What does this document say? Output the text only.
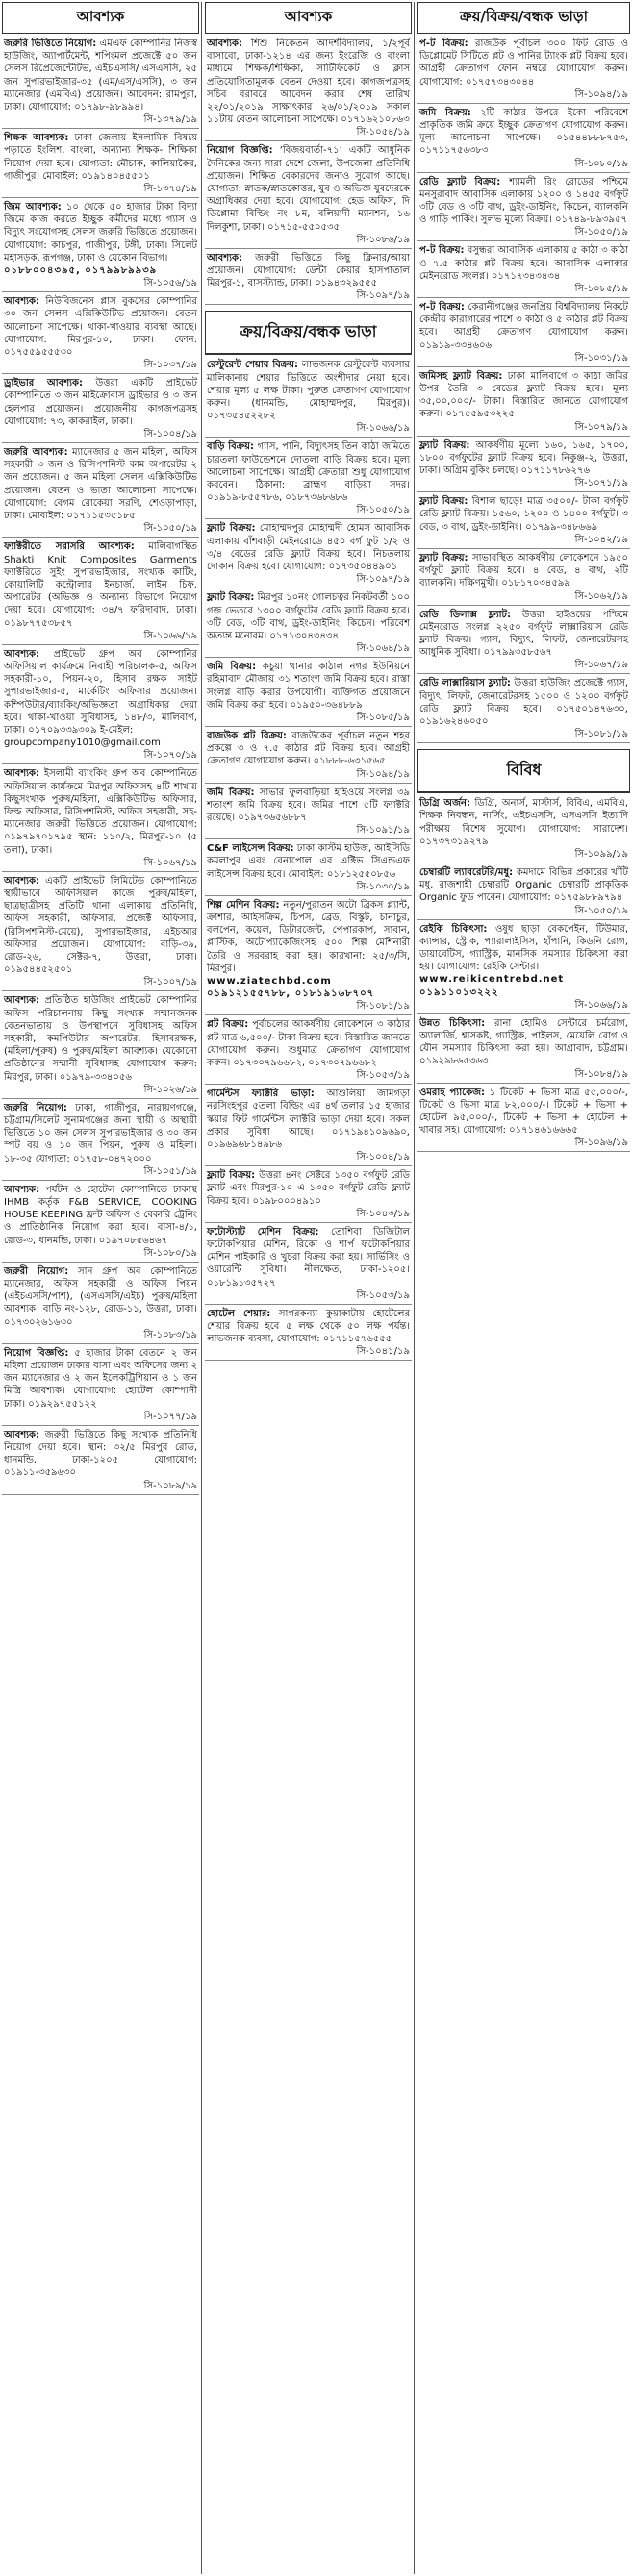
আবশ্যক
জরুরি ভিত্তিতে নিয়োগ: এমএফ কোম্পানির নিজস্ব হাউজিং, অ্যাপার্টমেন্ট, শপিংমল প্রজেক্টে ৫০ জন সেলস রিপ্রেজেন্টেটিভ, এইচএসসি/ এসএসসি, ২৫ জন সুপারভাইজার-৩৫ (এম/এস/এসসি), ৩ জন ম্যানেজার (এমবিএ) প্রয়োজন। আবেদন: রামপুরা, ঢাকা। যোগাযোগ: ০১৭৯৮-৯৮৯৯৪।
সি-১৩৭৯/১৯
শিক্ষক আবশ্যক: ঢাকা জেলায় ইসলামিক বিষয়ে পড়াতে ইংলিশ, বাংলা, অন্যান্য শিক্ষক- শিক্ষিকা নিয়োগ দেয়া হবে। যোগ্যতা: মৌচাক, কালিয়াকৈর, গাজীপুর। মোবাইল: ০১৯১৪০৪৫৫০১
সি-১৩৭৪/১৯
জিম আবশ্যক: ১০ থেকে ৫০ হাজার টাকা বিদ্যা জিমে কাজ করতে ইচ্ছুক কর্মীদের মধ্যে গ্যাস ও বিদ্যুৎ সংযোগসহ সেলস জরুরি ভিত্তিতে প্রয়োজন। যোগাযোগ: কাচপুর, গাজীপুর, টঙ্গী, ঢাকা। সিলেট মহাসড়ক, রূপগঞ্জ, ঢাকা ও যেকোন বিভাগ।
০১৮৮০০৪৩৯৫, ০১৭৯৯৮৯৯৩৯
সি-১০৫৬/১৯
আবশ্যক: নিউবিজনেস প্লাস বুকসের কোম্পানির ৩০ জন সেলস এক্সিকিউটিভ প্রয়োজন। বেতন আলোচনা সাপেক্ষে। থাকা-খাওয়ার ব্যবস্থা আছে। যোগাযোগ: মিরপুর-১০, ঢাকা। ফোন: ০১৭৫৫৯৫৫৫৩০
সি-১০৩৭/১৯
ড্রাইভার আবশ্যক: উত্তরা একটি প্রাইভেট কোম্পানিতে ৩ জন মাইক্রোবাস ড্রাইভার ও ৩ জন হেলপার প্রয়োজন। প্রয়োজনীয় কাগজপত্রসহ যোগাযোগ: ৭৩, কাকরাইল, ঢাকা।
সি-১০০৪/১৯
জরুরি আবশ্যক: ম্যানেজার ৫ জন মহিলা, অফিস সহকারী ৩ জন ও রিসিপশনিস্ট কাম অপারেটর ২ জন প্রয়োজন। ৫ জন মহিলা সেলস এক্সিকিউটিভ প্রয়োজন। বেতন ও ভাতা আলোচনা সাপেক্ষে। যোগাযোগ: বেগম রোকেয়া সরণি, শেওড়াপাড়া, ঢাকা। মোবাইল: ০১৭১১৫৩৫১৮৫
সি-১০৫০/১৯
ফ্যাক্টরীতে সরাসরি আবশ্যক: মালিবাগস্থিত Shakti Knit Composites Garments ফ্যাক্টরিতে সুইং সুপারভাইজার, সংখ্যক কাটিং, কোয়ালিটি কন্ট্রোলার ইনচার্জ, লাইন চিফ, অপারেটর (অভিজ্ঞ ও অন্যান্য বিভাগে নিয়োগ দেয়া হবে। যোগাযোগ: ৩৪/৭ ফরিদাবাদ, ঢাকা। ০১৯৮৭৭৫৩৮৫৭
সি-১০৬৬/১৯
আবশ্যক: প্রাইভেট গ্রুপ অব কোম্পানির অফিসিয়াল কার্যক্রমে নিবাহী পরিচালক-৫, অফিস সহকারী-১০, পিয়ন-২০, হিসাব রক্ষক সাইট সুপারভাইজার-৫, মার্কেটিং অফিসার প্রয়োজন। কম্পিউটার/ব্যাংকিং/অভিজ্ঞতা অগ্রাধিকার দেয়া হবে। থাকা-খাওয়া সুবিধাসহ, ১৪৮/৩, মালিবাগ, ঢাকা। ০১৭০৯৩৩৯৩০৯ ই-মেইল:
groupcompany1010@gmail.com
সি-১০৭০/১৯
আবশ্যক: ইসলামী ব্যাংকিং গ্রুপ অব কোম্পানিতে অফিসিয়াল কার্যক্রমে মিরপুর অফিসসহ ৪টি শাখায় কিছুসংখ্যক পুরুষ/মহিলা, এক্সিকিউটিভ অফিসার, ফিল্ড অফিসার, রিসিপশনিস্ট, অফিস সহকারী, সহ-ম্যানেজার জরুরী ভিত্তিতে প্রয়োজন। যোগাযোগ: ০১৯৭৯৭০১৭৯৫ স্থান: ১১০/২, মিরপুর-১০ (৫ তলা), ঢাকা।
সি-১০৬৭/১৯
আবশ্যক: একটি প্রাইভেট লিমিটেড কোম্পানিতে স্থায়ীভাবে অফিসিয়াল কাজে পুরুষ/মহিলা, ছাত্রছাত্রীসহ প্রতিটি থানা এলাকায় প্রতিনিধি, অফিস সহকারী, অফিসার, প্রজেক্ট অফিসার, (রিসিপশনিস্ট-মেয়ে), সুপারভাইজার, এইচআর অফিসার প্রয়োজন। যোগাযোগ: বাড়ি-৩৯, রোড-২৬, সেক্টর-৭, উত্তরা, ঢাকা। ০১৯৫৪৪৫২৫০১
সি-১০০৭/১৯
আবশ্যক: প্রতিষ্ঠিত হাউজিং প্রাইভেট কোম্পানির অফিস পরিচালনায় কিছু সংখ্যক সম্মানজনক বেতনভাতায় ও উপস্থাপনে সুবিধাসহ অফিস সহকারী, কমপিউটার অপারেটর, হিসাবরক্ষক, (মহিলা/পুরুষ) ও পুরুষ/মহিলা আবশ্যক। যেকোনো প্রতিষ্ঠানের সম্মানী সুবিধাসহ যোগাযোগ করুন: মিরপুর, ঢাকা। ০১৯৭৯-৩৩৪০৫৬
সি-১০২৬/১৯
জরুরি নিয়োগ: ঢাকা, গাজীপুর, নারায়ণগঞ্জে, চট্টগ্রাম/সিলেট সুনামগঞ্জের জন্য স্থায়ী ও অস্থায়ী ভিত্তিতে ১০ জন সেলস সুপারভাইজার ও ৩০ জন স্পট বয় ও ১০ জন পিয়ন, পুরুষ ও মহিলা। ১৮-৩৫ যোগ্যতা: ০১৭৫৮-০৪৭২০০০
সি-১০৫১/১৯
আবশ্যক: পর্যটন ও হোটেল কোম্পানিতে ঢাকাস্থ IHMB কর্তৃক F&B SERVICE, COOKING HOUSE KEEPING ফ্রন্ট অফিস ও বেকারি ট্রেনিং ও প্রাতিষ্ঠানিক নিয়োগ করা হবে। বাসা-৪/১, রোড-৩, ধানমন্ডি, ঢাকা। ০১৯৭০৮৫৬৪৬৭
সি-১০৮০/১৯
জরুরী নিয়োগ: সান গ্রুপ অব কোম্পানিতে ম্যানেজার, অফিস সহকারী ও অফিস পিয়ন (এইচএসসি/পাশ), (এসএসসি/এইচ) পুরুষ/মহিলা আবশ্যক। বাড়ি নং-১২৮, রোড-১১, উত্তরা, ঢাকা। ০১৭৩০২৬১৬৩০
সি-১০৮৩/১৯
নিয়োগ বিজ্ঞপ্তি: ৫ হাজার টাকা বেতনে ২ জন মহিলা প্রয়োজন ঢাকার বাসা এবং অফিসের জন্য ২ জন ম্যানেজার ও ২ জন ইলেকট্রিশিয়ান ও ১ জন মিস্ত্রি আবশ্যক। যোগাযোগ: হোটেল কোম্পানী ঢাকা। ০১৯২৯৭৫৫১২২
সি-১০৭৭/১৯
আবশ্যক: জরুরী ভিত্তিতে কিছু সংখ্যক প্রতিনিধি নিয়োগ দেয়া হবে। স্থান: ৩২/৫ মিরপুর রোড, ধানমন্ডি, ঢাকা-১২০৫ যোগাযোগ: ০১৯১১-৩৫৯৬৩০
সি-১০৮৯/১৯
আবশ্যক
আবশ্যক: শিশু নিকেতন আদর্শবিদ্যালয়, ১/২পূর্ব বাসাবো, ঢাকা-১২১৪ এর জন্য ইংরেজি ও বাংলা মাধ্যমে শিক্ষক/শিক্ষিকা, সার্টিফিকেট ও ক্লাস প্রতিযোগিতামূলক বেতন দেওয়া হবে। কাগজপত্রসহ সচিব বরাবরে আবেদন করার শেষ তারিখ ২২/০১/২০১৯ সাক্ষাৎকার ২৬/০১/২০১৯ সকাল ১১টায় বেতন আলোচনা সাপেক্ষে। ০১৭১৬২১০৮৬৩
সি-১০৫৪/১৯
নিয়োগ বিজ্ঞপ্তি: ‘বিজয়বার্তা-৭১’ একটি আধুনিক দৈনিকের জন্য সারা দেশে জেলা, উপজেলা প্রতিনিধি প্রয়োজন। শিক্ষিত বেকারদের জন্যও সুযোগ আছে। যোগ্যতা: স্নাতক/স্নাতকোত্তর, যুব ও অভিজ্ঞ যুবদেরকে অগ্রাধিকার দেয়া হবে। যোগাযোগ: হেড অফিস, দি ডিপ্লোমা বিল্ডিং নং ৮ম, বলিয়াদী ম্যানশন, ১৬ দিলকুশা, ঢাকা। ০১৭১৫-৫৫০৫৩৫
সি-১০৮৬/১৯
আবশ্যক: জরুরী ভিত্তিতে কিছু ক্লিনার/আয়া প্রয়োজন। যোগাযোগ: ডেন্টা কেয়ার হাসপাতাল মিরপুর-১, বাসস্ট্যান্ড, ঢাকা। ০১৯৪৩২৯৫৫৫
সি-১০৯৭/১৯
ক্রয়/বিক্রয়/বন্ধক ভাড়া
রেস্টুরেন্ট শেয়ার বিক্রয়: লাভজনক রেস্টুরেন্ট ব্যবসার মালিকানায় শেয়ার ভিত্তিতে অংশীদার নেয়া হবে। শেয়ার মূল্য ৫ লক্ষ টাকা। পুরুত ক্রেতাগণ যোগাযোগ করুন। (ধানমন্ডি, মোহাম্মদপুর, মিরপুর)। ০১৭৩৫৪৫২২৮২
সি-১০৬৬/১৯
বাড়ি বিক্রয়: গ্যাস, পানি, বিদ্যুৎসহ তিন কাঠা জমিতে চারতলা ফাউন্ডেশনে দোতলা বাড়ি বিক্রয় হবে। মূল্য আলোচনা সাপেক্ষে। আগ্রহী ক্রেতারা শুধু যোগাযোগ করবেন। ঠিকানা: ব্রাহ্মণ বাড়িয়া সদর। ০১৯১৯-৮৫৫৭৮৬, ০১৮৭৩৬৮৬৮৬
সি-১০৫০/১৯
ফ্ল্যাট বিক্রয়: মোহাম্মদপুর মোহাম্মদী হোমস আবাসিক এলাকায় বাঁশবাড়ী মেইনরোডে ৪৫০ বর্গ ফুট ১/২ ও ৩/৪ বেডের রেডি ফ্ল্যাট বিক্রয় হবে। নিচতলায় দোকান বিক্রয় হবে। যোগাযোগ: ০১৭৩৫০৪৪৯০১
সি-১০৯৭/১৯
ফ্ল্যাট বিক্রয়: মিরপুর ১০নং গোলচত্বর নিকটবর্তী ১০০ গজ ভেতরে ১৩০০ বর্গফুটের রেডি ফ্ল্যাট বিক্রয় হবে। ৩টি বেড, ৩টি বাথ, ড্রইং-ডাইনিং, কিচেন। পরিবেশ অত্যন্ত মনোরম। ০১৭১৩০৪৩৪৩৪
সি-১০৬৪/১৯
জমি বিক্রয়: কচুয়া থানার কাঠাল নগর ইউনিয়নে রহিমাবাদ মৌজায় ৩১ শতাংশ জমি বিক্রয় হবে। রাস্তা সংলগ্ন বাড়ি করার উপযোগী। ব্যক্তিগত প্রয়োজনে জমি বিক্রয় করা হবে। ০১৯৫০-৩৬৪৮৮৯
সি-১০৮৫/১৯
রাজউক প্লট বিক্রয়: রাজউকের পূর্বাচল নতুন শহর প্রকল্পে ৩ ও ৭.৫ কাঠার প্লট বিক্রয় হবে। আগ্রহী ক্রেতাগণ যোগাযোগ করুন। ০১৮৮৮-৬৩১৫৬৫
সি-১০৯৪/১৯
জমি বিক্রয়: সাভার ফুলবাড়িয়া হাইওয়ে সংলগ্ন ৩৯ শতাংশ জমি বিক্রয় হবে। জমির পাশে ৫টি ফ্যাক্টরি রয়েছে। ০১৯৭৩৬৫৬৮৮৭
সি-১০৯১/১৯
C&F লাইসেন্স বিক্রয়: ঢাকা কাস্টম হাউজ, আইসিডি কমলাপুর এবং বেনাপোল এর এক্টিভ সিএন্ডএফ লাইসেন্স বিক্রয় হবে। মোবাইল: ০১৮১২৫৫০৮৫৬
সি-১০৩০/১৯
শিল্প মেশিন বিক্রয়: নতুন/পুরাতন অটো ব্রিকস প্ল্যান্ট, ক্রাশার, আইসক্রিম, চিপস, ব্রেড, বিস্কুট, চানাচুর, বলপেন, কয়েল, ডিটারজেন্ট, পেপারকাপ, সাবান, প্লাস্টিক, অটোপ্যাকেজিংসহ ৫০০ শিল্প মেশিনারী তৈরি ও সরবরাহ করা হয়। কারখানা: ২৫/৩/সি, মিরপুর।
www.ziatechbd.com
০১৯১২১৫৫৭৮৮, ০১৮১৯১৬৮৭০৭
সি-১০৮১/১৯
প্লট বিক্রয়: পূর্বাচলের আকর্ষণীয় লোকেশনে ৩ কাঠার প্লট মাত্র ৬,৫০০/- টাকা বিক্রয় হবে। বিস্তারিত জানতে যোগাযোগ করুন। শুধুমাত্র ক্রেতাগণ যোগাযোগ করুন। ০১৭৩০৭৯৬৬৮২, ০১৭৩০৭৯৬৬৮২
সি-১০৫৩/১৯
গার্মেন্টস ফ্যাক্টরি ভাড়া: আশুলিয়া জামগড়া নরসিংহপুর ৫তলা বিল্ডিং এর ৪র্থ তলার ১৫ হাজার স্কয়ার ফিট গার্মেন্টস ফ্যাক্টরি ভাড়া দেয়া হবে। সকল প্রকার সুবিধা আছে। ০১৭১৯৪১০৯৬৯০, ০১৯৬৯৬৮১৪৯৮৬
সি-১০০৪/১৯
ফ্ল্যাট বিক্রয়: উত্তরা ৪নং সেক্টরে ১৩৫০ বর্গফুট রেডি ফ্ল্যাট এবং মিরপুর-১০ এ ১৩৫০ বর্গফুট রেডি ফ্ল্যাট বিক্রয় হবে। ০১৯৮০০০৪৯১০
সি-১০৪৩/১৯
ফটোস্ট্যাট মেশিন বিক্রয়: তোশিবা ডিজিটাল ফটোকপিয়ার মেশিন, রিকো ও শার্প ফটোকপিয়ার মেশিন পাইকারি ও খুচরা বিক্রয় করা হয়। সার্ভিসিং ও ওয়ারেন্টি সুবিধা। নীলক্ষেত, ঢাকা-১২০৫। ০১৮১৯১৩৫৭২৭
সি-১০৫৩/১৯
হোটেল শেয়ার: সাগরকন্যা কুয়াকাটায় হোটেলের শেয়ার বিক্রয় হবে ৫ লক্ষ থেকে ৫০ লক্ষ পর্যন্ত। লাভজনক ব্যবসা, যোগাযোগ: ০১৭১১৫৭৬৫৫৫
সি-১০৪১/১৯
ক্রয়/বিক্রয়/বন্ধক ভাড়া
প-ট বিক্রয়: রাজউক পূর্বাচল ৩০০ ফিট রোড ও ডিপ্লোমেট সিটিতে প্লট ও পানির ট্যাংক প্লট বিক্রয় হবে। আগ্রহী ক্রেতাগণ ফোন নম্বরে যোগাযোগ করুন। যোগাযোগ: ০১৭৫৭৩৪৩০৪৪
সি-১০৯৪/১৯
জমি বিক্রয়: ২টি কাঠার উপরে ইকো পরিবেশে প্রাকৃতিক জমি ক্রয়ে ইচ্ছুক ক্রেতাগণ যোগাযোগ করুন। মূল্য আলোচনা সাপেক্ষে। ০১৫৪৪৮৮৮৭৫৩, ০১৭১১৭৫৬৩৮৩
সি-১০৮০/১৯
রেডি ফ্ল্যাট বিক্রয়: শ্যামলী রিং রোডের পশ্চিমে মনসুরাবাদ আবাসিক এলাকায় ১২০০ ও ১৪৫৫ বর্গফুট ৩টি বেড ও ৩টি বাথ, ড্রইং-ডাইনিং, কিচেন, ব্যালকনি ও গাড়ি পার্কিং। সুলভ মূল্যে বিক্রয়। ০১৭৪৯-৮৯৩৯৫৭
সি-১০৫০/১৯
প-ট বিক্রয়: বসুন্ধরা আবাসিক এলাকায় ৫ কাঠা ৩ কাঠা ও ৭.৫ কাঠার প্লট বিক্রয় হবে। আবাসিক এলাকার মেইনরোড সংলগ্ন। ০১৭১৭৩৪৩৪৩৪
সি-১০৮৫/১৯
প-ট বিক্রয়: কেরানীগঞ্জের জনপ্রিয় বিশ্ববিদ্যালয় নিকটে কেন্দ্রীয় কারাগারের পাশে ৩ কাঠা ও ৫ কাঠার প্লট বিক্রয় হবে। আগ্রহী ক্রেতাগণ যোগাযোগ করুন। ০১৯১৯-৩৩৪৬০৬
সি-১০৩১/১৯
জমিসহ ফ্ল্যাট বিক্রয়: ঢাকা মালিবাগে ৩ কাঠা জমির উপর তৈরি ৩ বেডের ফ্ল্যাট বিক্রয় হবে। মূল্য ৩৫,০০,০০০/- টাকা। বিস্তারিত জানতে যোগাযোগ করুন। ০১৭৫৫৯৫৩২২৫
সি-১০৭৯/১৯
ফ্ল্যাট বিক্রয়: আকর্ষণীয় মূল্যে ১৬০, ১৬৫, ১৭০০, ১৮০০ বর্গফুটের ফ্ল্যাট বিক্রয় হবে। নিকুঞ্জ-২, উত্তরা, ঢাকা। অগ্রিম বুকিং চলছে। ০১৭১১৭৮৬২৭৬
সি-১০৭১/১৯
ফ্ল্যাট বিক্রয়: বিশাল ছাড়ে! মাত্র ৩৫০০/- টাকা বর্গফুট রেডি ফ্ল্যাট বিক্রয়। ১৫৬০, ১২০০ ও ১৪০০ বর্গফুট। ৩ বেড, ৩ বাথ, ড্রইং-ডাইনিং। ০১৭৯৯-৩৪৮৬৬৯
সি-১০৪২/১৯
ফ্ল্যাট বিক্রয়: সাভারস্থিত আকর্ষণীয় লোকেশনে ১৯৫০ বর্গফুট ফ্ল্যাট বিক্রয় হবে। ৪ বেড, ৪ বাথ, ২টি ব্যালকনি। দক্ষিণমুখী। ০১৮১৭০৩৪৫৯৯
সি-১০৬২/১৯
রেডি ডিলাক্স ফ্ল্যাট: উত্তরা হাইওয়ের পশ্চিমে মেইনরোড সংলগ্ন ২২৫০ বর্গফুট লাক্সারিয়াস রেডি ফ্ল্যাট বিক্রয়। গ্যাস, বিদ্যুৎ, লিফট, জেনারেটরসহ আধুনিক সুবিধা। ০১৭৯৯৩৫৮৫৬৭
সি-১০৬৭/১৯
রেডি লাক্সারিয়াস ফ্ল্যাট: উত্তরা হাউজিং প্রজেক্টে গ্যাস, বিদ্যুৎ, লিফট, জেনারেটরসহ ১৫০০ ও ১২০০ বর্গফুট রেডি ফ্ল্যাট বিক্রয় হবে। ০১৭৫০১৪৭৬৩০, ০১৯১৬২৪৬০৫০
সি-১০৮১/১৯
বিবিধ
ডিগ্রি অর্জন: ডিগ্রি, অনার্স, মাস্টার্স, বিবিএ, এমবিএ, শিক্ষক নিবন্ধন, নার্সিং, এইচএসসি, এসএসসি ইত্যাদি পরীক্ষায় বিশেষ সুযোগ। যোগাযোগ: সারাদেশ। ০১৭৩৭৩১৯২৭৯
সি-১০৯৯/১৯
চেম্বারটি ল্যাবরেটরি/মধু: কমদামে বিভিন্ন প্রকারের খাঁটি মধু, রাজশাহী চেম্বারটি Organic চেম্বারটি প্রাকৃতিক Organic ফুড পাবেন। যোগাযোগ: ০১৭৫৯৮৮৯৭৯৪
সি-১০৫০/১৯
রেইকি চিকিৎসা: ওষুধ ছাড়া বেকপেইন, টিউমার, ক্যান্সার, স্ট্রোক, প্যারালাইসিস, হাঁপানি, কিডনি রোগ, ডায়াবেটিস, গ্যাস্ট্রিক, মানসিক সমস্যার চিকিৎসা করা হয়। যোগাযোগ: রেইকি সেন্টার।
www.reikicentrebd.net
০১৯১১০১৩২২২
সি-১০৬৬/১৯
উন্নত চিকিৎসা: রানা হোমিও সেন্টারে চর্মরোগ, অ্যালার্জি, শ্বাসকষ্ট, গ্যাস্ট্রিক, পাইলস, মেয়েলি রোগ ও যৌন সমস্যার চিকিৎসা করা হয়। আগ্রাবাদ, চট্টগ্রাম। ০১৯২৯৮৬৫৩৬৩
সি-১০৮৪/১৯
ওমরাহ প্যাকেজ: ১ টিকেট + ভিসা মাত্র ৫৫,০০০/-, টিকেট ও ভিসা মাত্র ৮২,০০০/-। টিকেট + ভিসা + হোটেল ৯৫,০০০/-, টিকেট + ভিসা + হোটেল + খাবার সহ। যোগাযোগ: ০১৭১৪৬১৬৬৬৫
সি-১০৯৬/১৯
